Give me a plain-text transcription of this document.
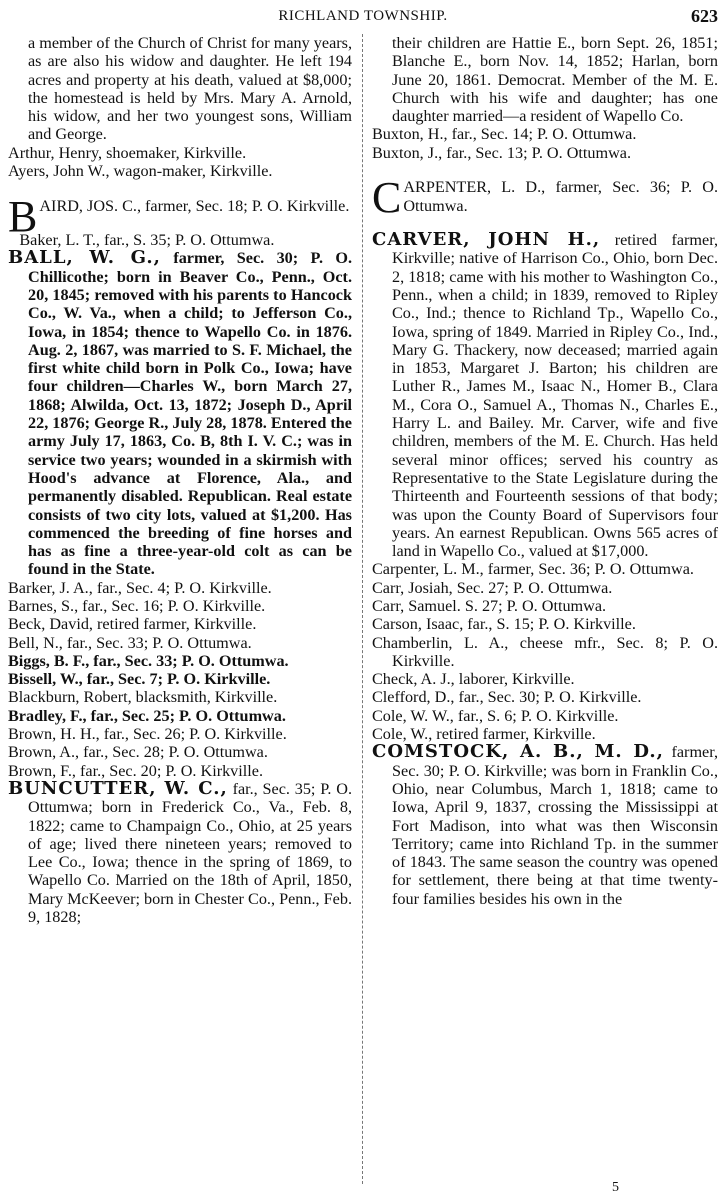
RICHLAND TOWNSHIP.	623

a member of the Church of Christ for many years, as are also his widow and daughter. He left 194 acres and property at his death, valued at $8,000; the homestead is held by Mrs. Mary A. Arnold, his widow, and her two youngest sons, William and George.

Arthur, Henry, shoemaker, Kirkville.

Ayers, John W., wagon-maker, Kirkville.

BAIRD, JOS. C., farmer, Sec. 18; P. O. Kirkville.

Baker, L. T., far., S. 35; P. O. Ottumwa.

BALL, W. G., farmer, Sec. 30; P. O. Chillicothe; born in Beaver Co., Penn., Oct. 20, 1845; removed with his parents to Hancock Co., W. Va., when a child; to Jefferson Co., Iowa, in 1854; thence to Wapello Co. in 1876. Aug. 2, 1867, was married to S. F. Michael, the first white child born in Polk Co., Iowa; have four children—Charles W., born March 27, 1868; Alwilda, Oct. 13, 1872; Joseph D., April 22, 1876; George R., July 28, 1878. Entered the army July 17, 1863, Co. B, 8th I. V. C.; was in service two years; wounded in a skirmish with Hood's advance at Florence, Ala., and permanently disabled. Republican. Real estate consists of two city lots, valued at $1,200. Has commenced the breeding of fine horses and has as fine a three-year-old colt as can be found in the State.

Barker, J. A., far., Sec. 4; P. O. Kirkville.

Barnes, S., far., Sec. 16; P. O. Kirkville.

Beck, David, retired farmer, Kirkville.

Bell, N., far., Sec. 33; P. O. Ottumwa.

Biggs, B. F., far., Sec. 33; P. O. Ottumwa.

Bissell, W., far., Sec. 7; P. O. Kirkville.

Blackburn, Robert, blacksmith, Kirkville.

Bradley, F., far., Sec. 25; P. O. Ottumwa.

Brown, H. H., far., Sec. 26; P. O. Kirkville.

Brown, A., far., Sec. 28; P. O. Ottumwa.

Brown, F., far., Sec. 20; P. O. Kirkville.

BUNCUTTER, W. C., far., Sec. 35; P. O. Ottumwa; born in Frederick Co., Va., Feb. 8, 1822; came to Champaign Co., Ohio, at 25 years of age; lived there nineteen years; removed to Lee Co., Iowa; thence in the spring of 1869, to Wapello Co. Married on the 18th of April, 1850, Mary McKeever; born in Chester Co., Penn., Feb. 9, 1828;

their children are Hattie E., born Sept. 26, 1851; Blanche E., born Nov. 14, 1852; Harlan, born June 20, 1861. Democrat. Member of the M. E. Church with his wife and daughter; has one daughter married—a resident of Wapello Co.

Buxton, H., far., Sec. 14; P. O. Ottumwa.

Buxton, J., far., Sec. 13; P. O. Ottumwa.

CARPENTER, L. D., farmer, Sec. 36; P. O. Ottumwa.

CARVER, JOHN H., retired farmer, Kirkville; native of Harrison Co., Ohio, born Dec. 2, 1818; came with his mother to Washington Co., Penn., when a child; in 1839, removed to Ripley Co., Ind.; thence to Richland Tp., Wapello Co., Iowa, spring of 1849. Married in Ripley Co., Ind., Mary G. Thackery, now deceased; married again in 1853, Margaret J. Barton; his children are Luther R., James M., Isaac N., Homer B., Clara M., Cora O., Samuel A., Thomas N., Charles E., Harry L. and Bailey. Mr. Carver, wife and five children, members of the M. E. Church. Has held several minor offices; served his country as Representative to the State Legislature during the Thirteenth and Fourteenth sessions of that body; was upon the County Board of Supervisors four years. An earnest Republican. Owns 565 acres of land in Wapello Co., valued at $17,000.

Carpenter, L. M., farmer, Sec. 36; P. O. Ottumwa.

Carr, Josiah, Sec. 27; P. O. Ottumwa.

Carr, Samuel. S. 27; P. O. Ottumwa.

Carson, Isaac, far., S. 15; P. O. Kirkville.

Chamberlin, L. A., cheese mfr., Sec. 8; P. O. Kirkville.

Check, A. J., laborer, Kirkville.

Clefford, D., far., Sec. 30; P. O. Kirkville.

Cole, W. W., far., S. 6; P. O. Kirkville.

Cole, W., retired farmer, Kirkville.

COMSTOCK, A. B., M. D., farmer, Sec. 30; P. O. Kirkville; was born in Franklin Co., Ohio, near Columbus, March 1, 1818; came to Iowa, April 9, 1837, crossing the Mississippi at Fort Madison, into what was then Wisconsin Territory; came into Richland Tp. in the summer of 1843. The same season the country was opened for settlement, there being at that time twenty-four families besides his own in the

5
